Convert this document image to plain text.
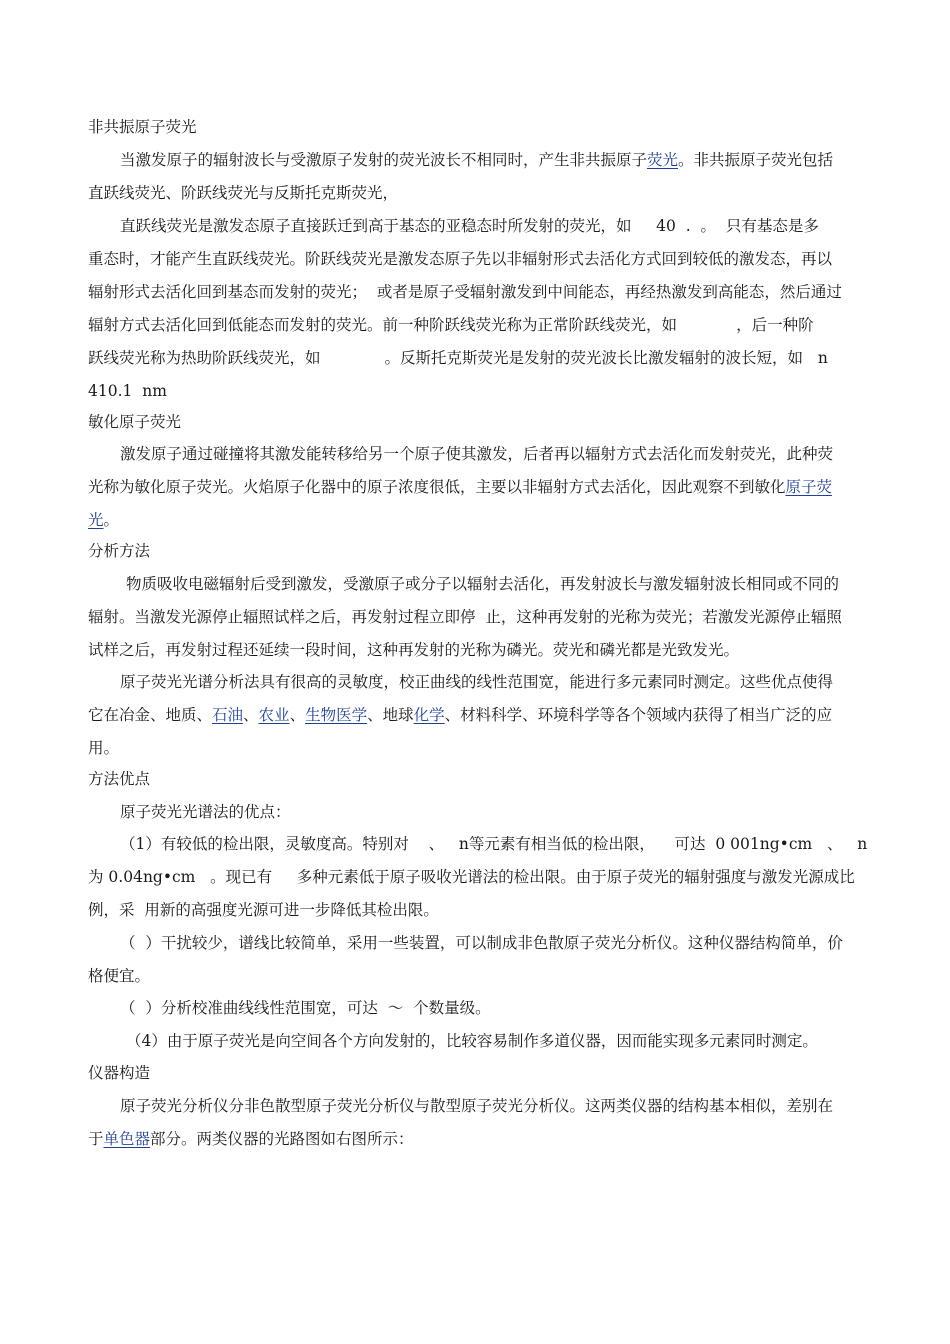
非共振原子荧光
当激发原子的辐射波长与受激原子发射的荧光波长不相同时，产生非共振原子荧光。非共振原子荧光包括
直跃线荧光、阶跃线荧光与反斯托克斯荧光，
直跃线荧光是激发态原子直接跃迁到高于基态的亚稳态时所发射的荧光，如     40  .  。  只有基态是多
重态时，才能产生直跃线荧光。阶跃线荧光是激发态原子先以非辐射形式去活化方式回到较低的激发态，再以
辐射形式去活化回到基态而发射的荧光；  或者是原子受辐射激发到中间能态，再经热激发到高能态，然后通过
辐射方式去活化回到低能态而发射的荧光。前一种阶跃线荧光称为正常阶跃线荧光，如            ，后一种阶
跃线荧光称为热助阶跃线荧光，如             。反斯托克斯荧光是发射的荧光波长比激发辐射的波长短，如   n
410.1  nm
敏化原子荧光
激发原子通过碰撞将其激发能转移给另一个原子使其激发，后者再以辐射方式去活化而发射荧光，此种荧
光称为敏化原子荧光。火焰原子化器中的原子浓度很低，主要以非辐射方式去活化，因此观察不到敏化原子荧
光。
分析方法
物质吸收电磁辐射后受到激发，受激原子或分子以辐射去活化，再发射波长与激发辐射波长相同或不同的
辐射。当激发光源停止辐照试样之后，再发射过程立即停  止，这种再发射的光称为荧光；若激发光源停止辐照
试样之后，再发射过程还延续一段时间，这种再发射的光称为磷光。荧光和磷光都是光致发光。
原子荧光光谱分析法具有很高的灵敏度，校正曲线的线性范围宽，能进行多元素同时测定。这些优点使得
它在冶金、地质、石油、农业、生物医学、地球化学、材料科学、环境科学等各个领域内获得了相当广泛的应
用。
方法优点
原子荧光光谱法的优点：
（1）有较低的检出限，灵敏度高。特别对    、   n等元素有相当低的检出限，    可达  0 001ng•cm   、   n
为 0.04ng•cm   。现已有     多种元素低于原子吸收光谱法的检出限。由于原子荧光的辐射强度与激发光源成比
例，采  用新的高强度光源可进一步降低其检出限。
（  ）干扰较少，谱线比较简单，采用一些装置，可以制成非色散原子荧光分析仪。这种仪器结构简单，价
格便宜。
（  ）分析校准曲线线性范围宽，可达  ～  个数量级。
（4）由于原子荧光是向空间各个方向发射的，比较容易制作多道仪器，因而能实现多元素同时测定。
仪器构造
原子荧光分析仪分非色散型原子荧光分析仪与散型原子荧光分析仪。这两类仪器的结构基本相似，差别在
于单色器部分。两类仪器的光路图如右图所示：
